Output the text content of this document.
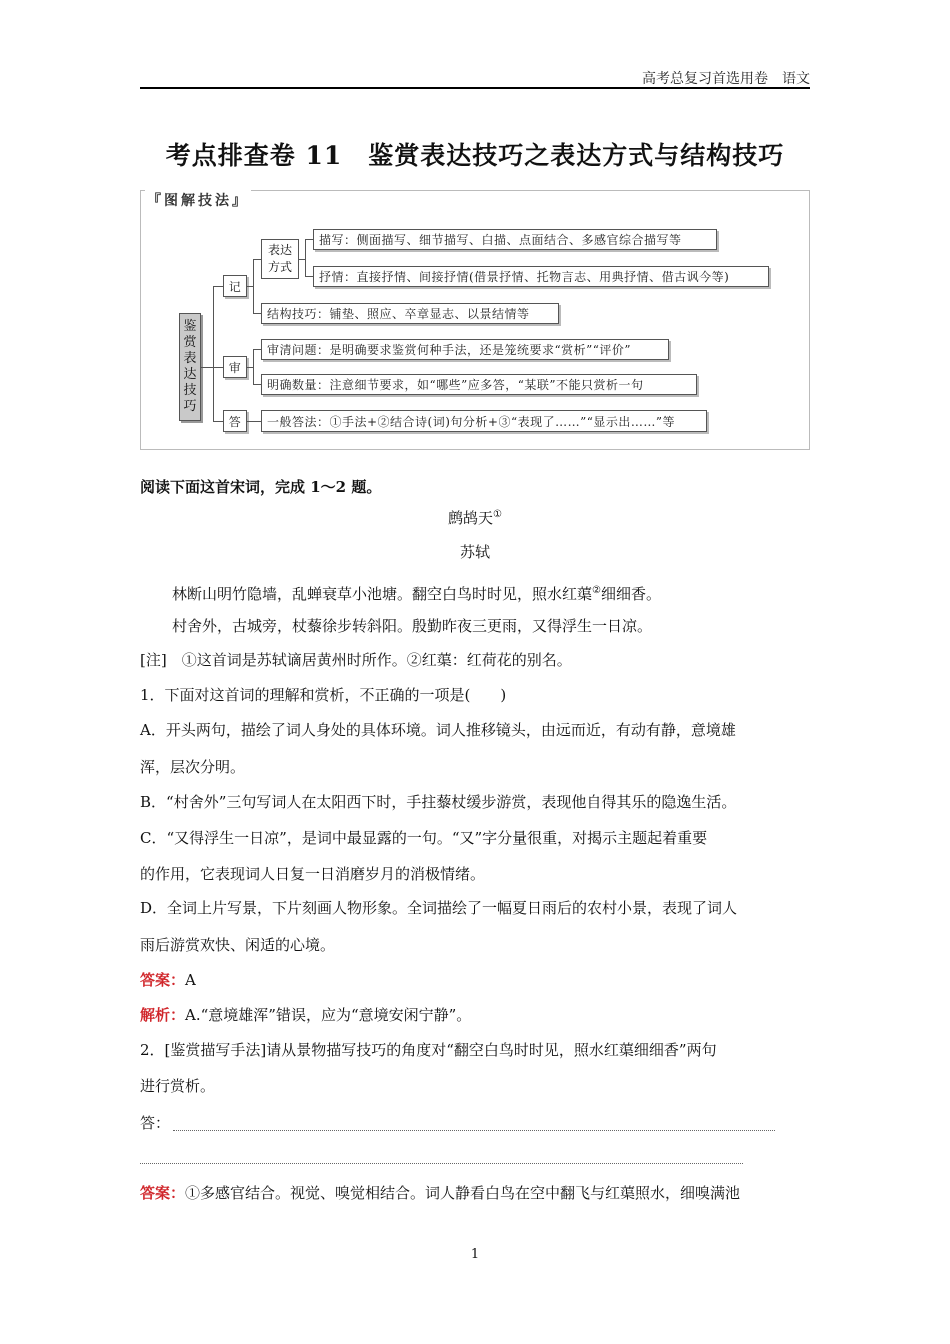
高考总复习首选用卷　语文
考点排查卷 11　鉴赏表达技巧之表达方式与结构技巧
『图解技法』
鉴
赏
表
达
技
巧
记
审
答
表达
方式
描写：侧面描写、细节描写、白描、点面结合、多感官综合描写等
抒情：直接抒情、间接抒情(借景抒情、托物言志、用典抒情、借古讽今等)
结构技巧：铺垫、照应、卒章显志、以景结情等
审清问题：是明确要求鉴赏何种手法，还是笼统要求“赏析”“评价”
明确数量：注意细节要求，如“哪些”应多答，“某联”不能只赏析一句
一般答法：①手法+②结合诗(词)句分析+③“表现了……”“显示出……”等
阅读下面这首宋词，完成 1～2 题。
鹧鸪天①
苏轼
林断山明竹隐墙，乱蝉衰草小池塘。翻空白鸟时时见，照水红蕖②细细香。
村舍外，古城旁，杖藜徐步转斜阳。殷勤昨夜三更雨，又得浮生一日凉。
[注]　 ①这首词是苏轼谪居黄州时所作。②红蕖：红荷花的别名。
1．下面对这首词的理解和赏析，不正确的一项是(　　)
A．开头两句，描绘了词人身处的具体环境。词人推移镜头，由远而近，有动有静，意境雄
浑，层次分明。
B．“村舍外”三句写词人在太阳西下时，手拄藜杖缓步游赏，表现他自得其乐的隐逸生活。
C．“又得浮生一日凉”，是词中最显露的一句。“又”字分量很重，对揭示主题起着重要
的作用，它表现词人日复一日消磨岁月的消极情绪。
D．全词上片写景，下片刻画人物形象。全词描绘了一幅夏日雨后的农村小景，表现了词人
雨后游赏欢快、闲适的心境。
答案：A
解析：A.“意境雄浑”错误，应为“意境安闲宁静”。
2．[鉴赏描写手法]请从景物描写技巧的角度对“翻空白鸟时时见，照水红蕖细细香”两句
进行赏析。
答：
答案：①多感官结合。视觉、嗅觉相结合。词人静看白鸟在空中翻飞与红蕖照水，细嗅满池
1
